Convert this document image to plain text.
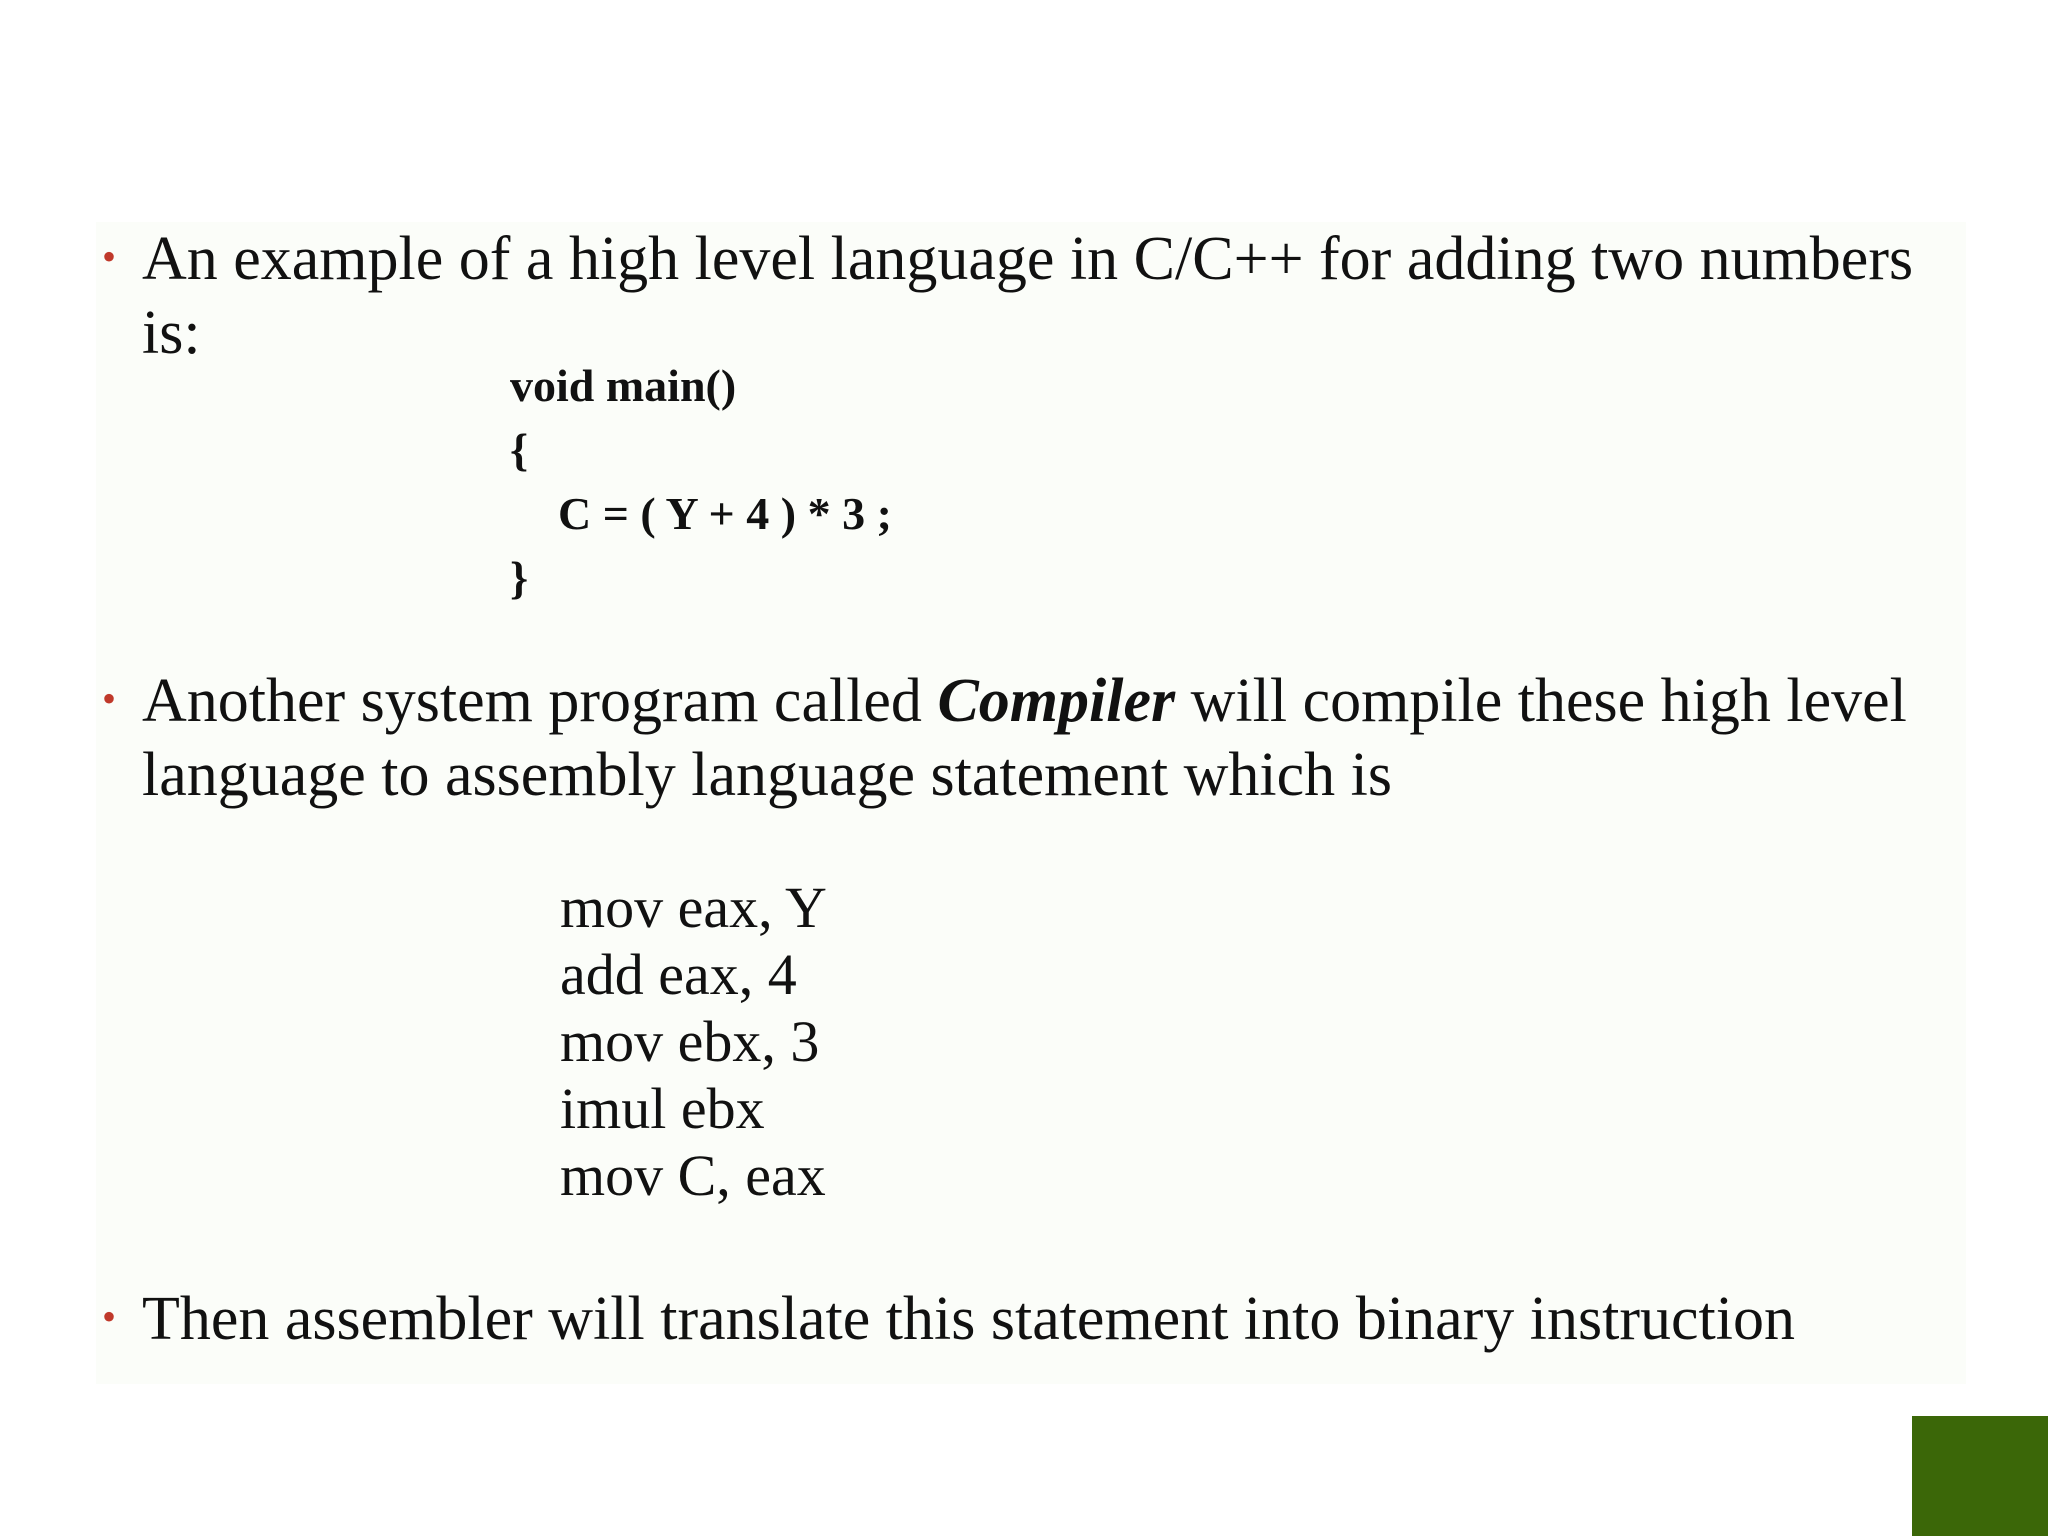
• An example of a high level language in C/C++ for adding two numbers is:
void main()
{
C = ( Y + 4 ) * 3 ;
}
• Another system program called Compiler will compile these high level language to assembly language statement which is
mov eax, Y
add eax, 4
mov ebx, 3
imul ebx
mov C, eax
• Then assembler will translate this statement into binary instruction
